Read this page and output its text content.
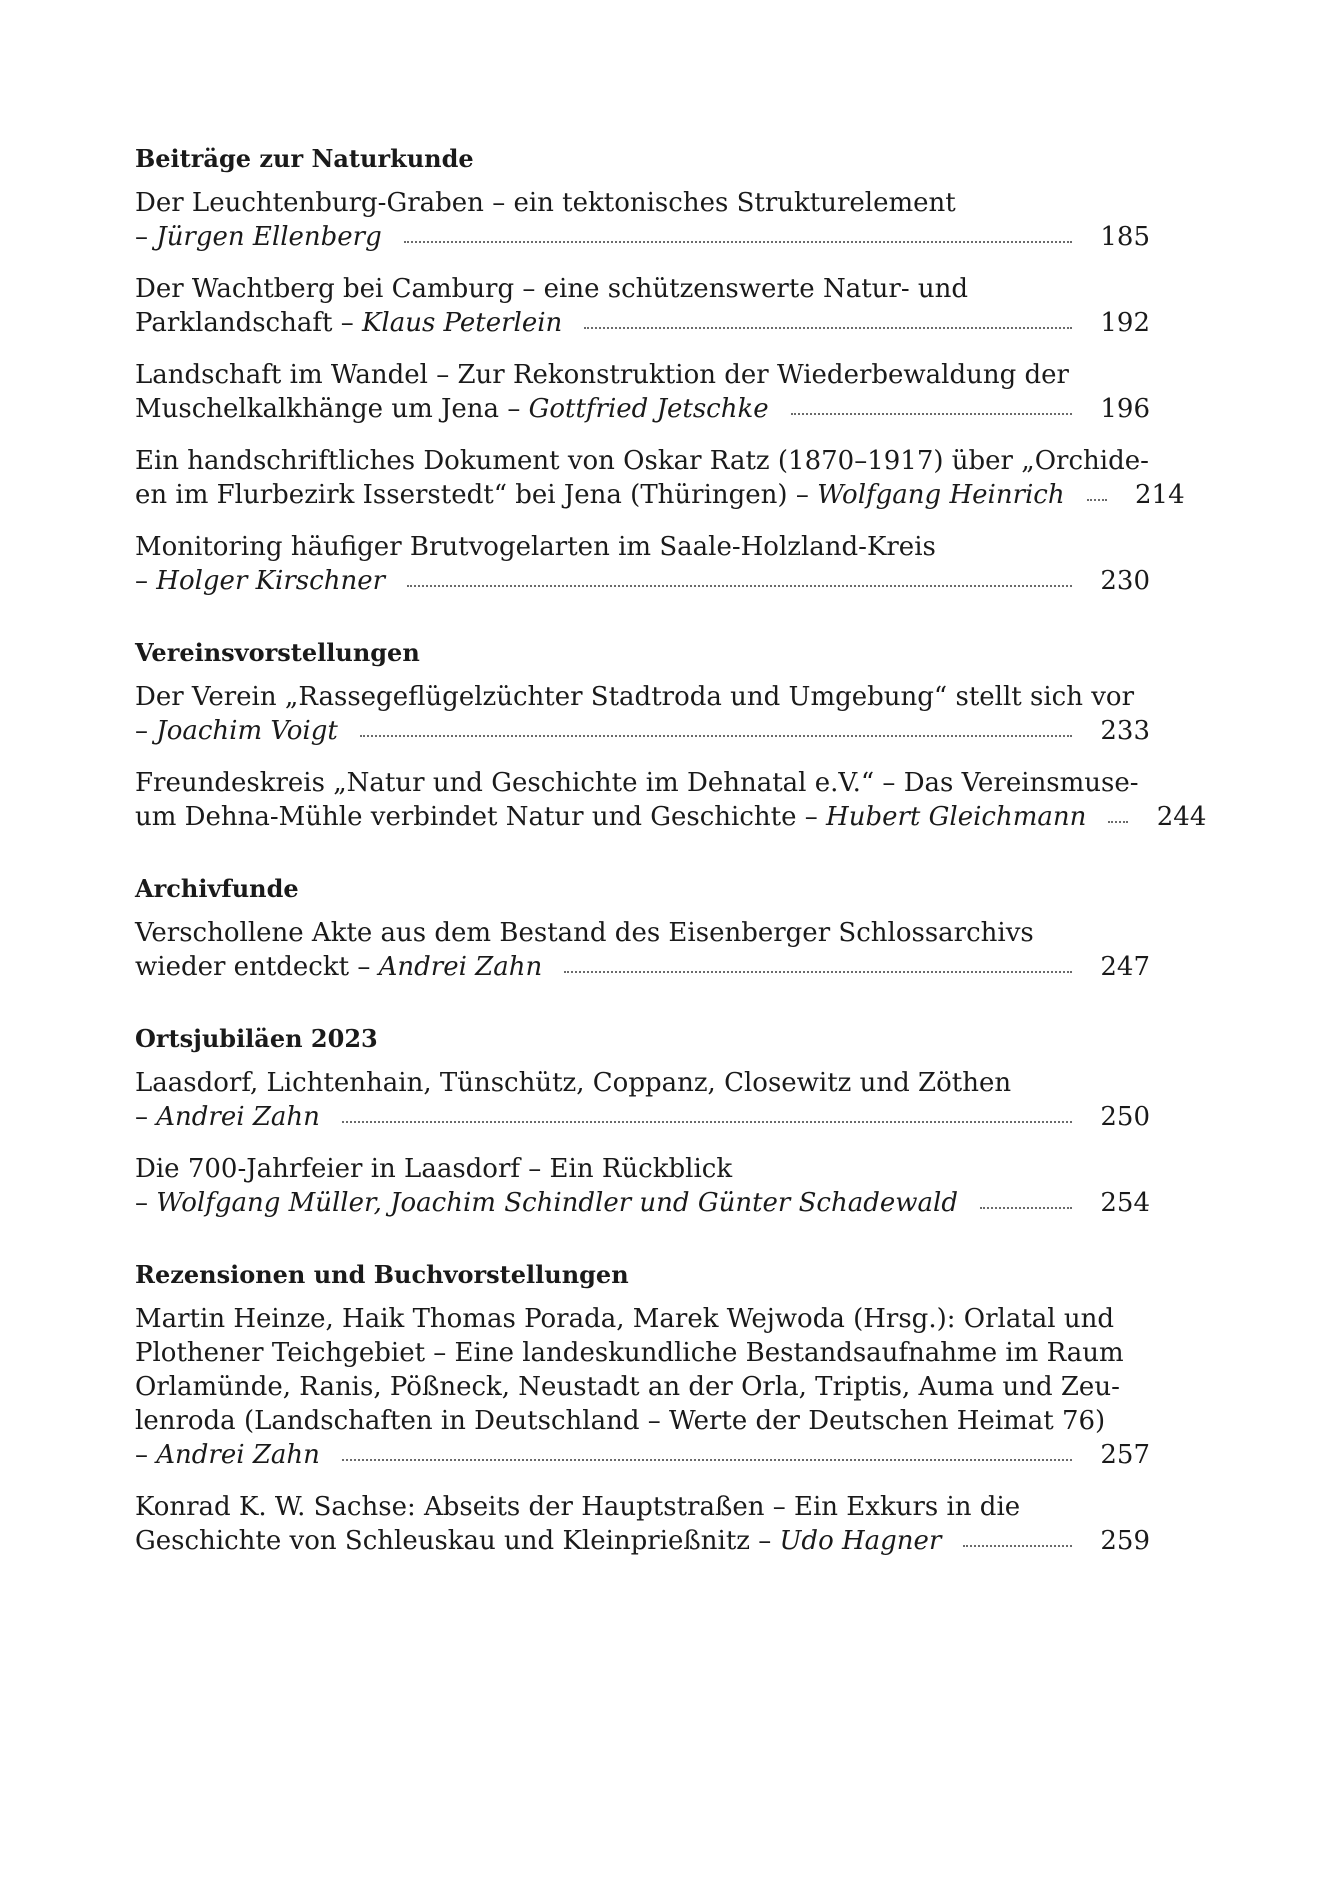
Beiträge zur Naturkunde
Der Leuchtenburg-Graben – ein tektonisches Strukturelement
– Jürgen Ellenberg	185
Der Wachtberg bei Camburg – eine schützenswerte Natur- und
Parklandschaft – Klaus Peterlein	192
Landschaft im Wandel – Zur Rekonstruktion der Wiederbewaldung der
Muschelkalkhänge um Jena – Gottfried Jetschke	196
Ein handschriftliches Dokument von Oskar Ratz (1870–1917) über „Orchide-
en im Flurbezirk Isserstedt“ bei Jena (Thüringen) – Wolfgang Heinrich	214
Monitoring häufiger Brutvogelarten im Saale-Holzland-Kreis
– Holger Kirschner	230
Vereinsvorstellungen
Der Verein „Rassegeflügelzüchter Stadtroda und Umgebung“ stellt sich vor
– Joachim Voigt	233
Freundeskreis „Natur und Geschichte im Dehnatal e.V.“ – Das Vereinsmuse-
um Dehna-Mühle verbindet Natur und Geschichte – Hubert Gleichmann	244
Archivfunde
Verschollene Akte aus dem Bestand des Eisenberger Schlossarchivs
wieder entdeckt – Andrei Zahn	247
Ortsjubiläen 2023
Laasdorf, Lichtenhain, Tünschütz, Coppanz, Closewitz und Zöthen
– Andrei Zahn	250
Die 700-Jahrfeier in Laasdorf – Ein Rückblick
– Wolfgang Müller, Joachim Schindler und Günter Schadewald	254
Rezensionen und Buchvorstellungen
Martin Heinze, Haik Thomas Porada, Marek Wejwoda (Hrsg.): Orlatal und
Plothener Teichgebiet – Eine landeskundliche Bestandsaufnahme im Raum
Orlamünde, Ranis, Pößneck, Neustadt an der Orla, Triptis, Auma und Zeu-
lenroda (Landschaften in Deutschland – Werte der Deutschen Heimat 76)
– Andrei Zahn	257
Konrad K. W. Sachse: Abseits der Hauptstraßen – Ein Exkurs in die
Geschichte von Schleuskau und Kleinprießnitz – Udo Hagner	259
